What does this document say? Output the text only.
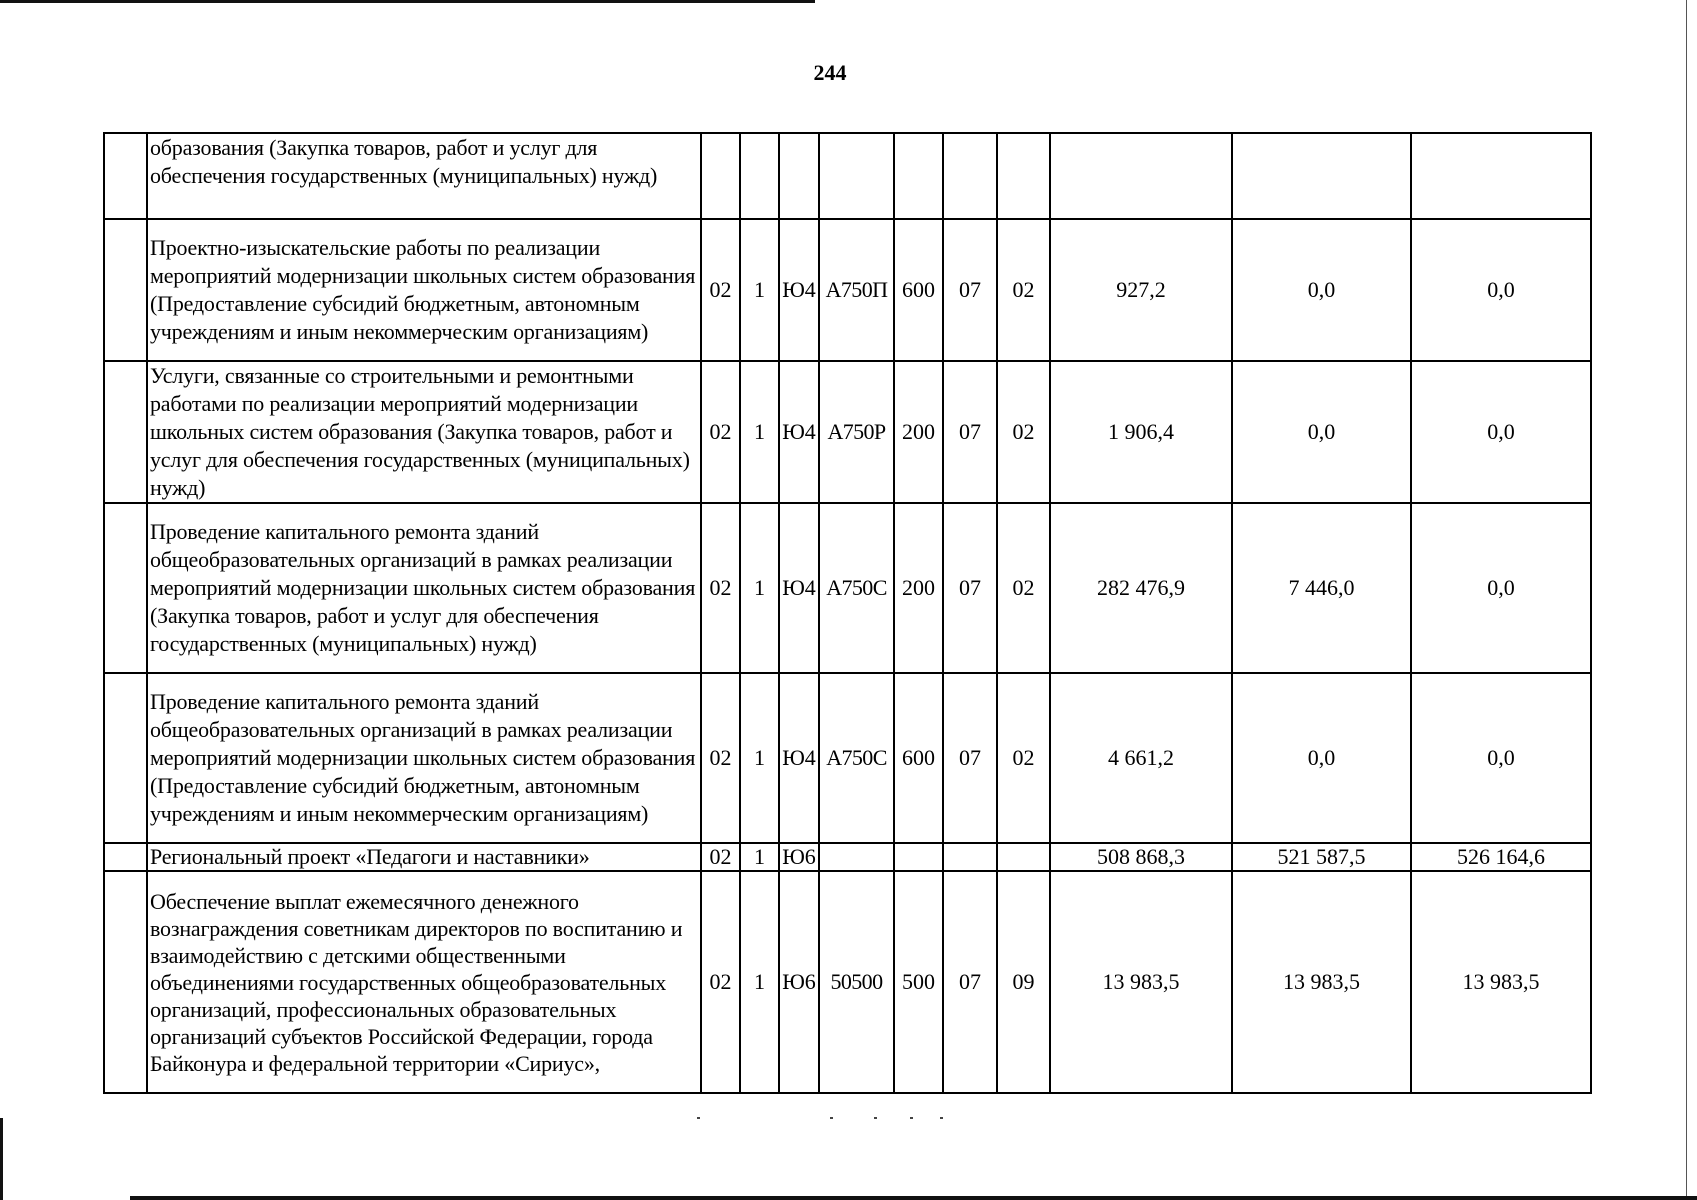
244
	образования (Закупка товаров, работ и услуг для обеспечения государственных (муниципальных) нужд)										
	Проектно-изыскательские работы по реализации мероприятий модернизации школьных систем образования (Предоставление субсидий бюджетным, автономным учреждениям и иным некоммерческим организациям)	02	1	Ю4	А750П	600	07	02	927,2	0,0	0,0
	Услуги, связанные со строительными и ремонтными работами по реализации мероприятий модернизации школьных систем образования (Закупка товаров, работ и услуг для обеспечения государственных (муниципальных) нужд)	02	1	Ю4	А750Р	200	07	02	1 906,4	0,0	0,0
	Проведение капитального ремонта зданий общеобразовательных организаций в рамках реализации мероприятий модернизации школьных систем образования (Закупка товаров, работ и услуг для обеспечения государственных (муниципальных) нужд)	02	1	Ю4	А750С	200	07	02	282 476,9	7 446,0	0,0
	Проведение капитального ремонта зданий общеобразовательных организаций в рамках реализации мероприятий модернизации школьных систем образования (Предоставление субсидий бюджетным, автономным учреждениям и иным некоммерческим организациям)	02	1	Ю4	А750С	600	07	02	4 661,2	0,0	0,0
	Региональный проект «Педагоги и наставники»	02	1	Ю6					508 868,3	521 587,5	526 164,6
	Обеспечение выплат ежемесячного денежного вознаграждения советникам директоров по воспитанию и взаимодействию с детскими общественными объединениями государственных общеобразовательных организаций, профессиональных образовательных организаций субъектов Российской Федерации, города Байконура и федеральной территории «Сириус»,	02	1	Ю6	50500	500	07	09	13 983,5	13 983,5	13 983,5
